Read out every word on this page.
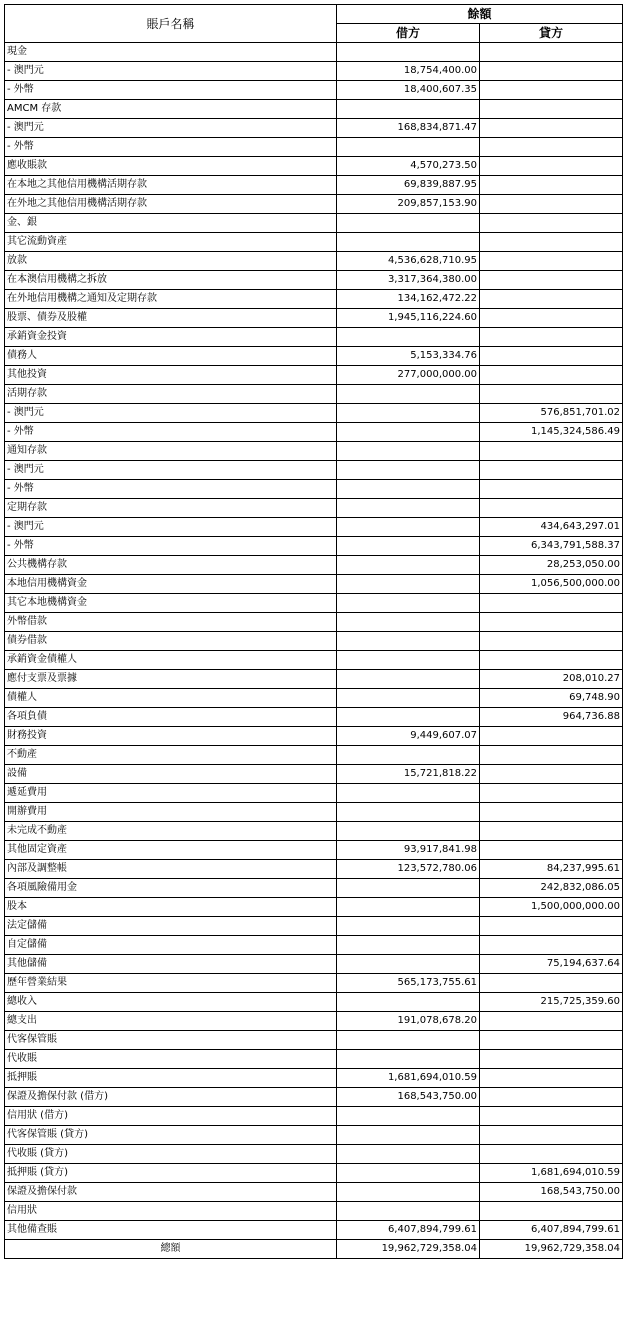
賬戶名稱	餘額	
	借方	貸方
現金		
- 澳門元	18,754,400.00	
- 外幣	18,400,607.35	
AMCM 存款		
- 澳門元	168,834,871.47	
- 外幣		
應收賬款	4,570,273.50	
在本地之其他信用機構活期存款	69,839,887.95	
在外地之其他信用機構活期存款	209,857,153.90	
金、銀		
其它流動資產		
放款	4,536,628,710.95	
在本澳信用機構之拆放	3,317,364,380.00	
在外地信用機構之通知及定期存款	134,162,472.22	
股票、債券及股權	1,945,116,224.60	
承銷資金投資		
債務人	5,153,334.76	
其他投資	277,000,000.00	
活期存款		
- 澳門元		576,851,701.02
- 外幣		1,145,324,586.49
通知存款		
- 澳門元		
- 外幣		
定期存款		
- 澳門元		434,643,297.01
- 外幣		6,343,791,588.37
公共機構存款		28,253,050.00
本地信用機構資金		1,056,500,000.00
其它本地機構資金		
外幣借款		
債券借款		
承銷資金債權人		
應付支票及票據		208,010.27
債權人		69,748.90
各項負債		964,736.88
財務投資	9,449,607.07	
不動產		
設備	15,721,818.22	
遞延費用		
開辦費用		
未完成不動產		
其他固定資產	93,917,841.98	
內部及調整帳	123,572,780.06	84,237,995.61
各項風險備用金		242,832,086.05
股本		1,500,000,000.00
法定儲備		
自定儲備		
其他儲備		75,194,637.64
歷年營業結果	565,173,755.61	
總收入		215,725,359.60
總支出	191,078,678.20	
代客保管賬		
代收賬		
抵押賬	1,681,694,010.59	
保證及擔保付款 (借方)	168,543,750.00	
信用狀 (借方)		
代客保管賬 (貸方)		
代收賬 (貸方)		
抵押賬 (貸方)		1,681,694,010.59
保證及擔保付款		168,543,750.00
信用狀		
其他備查賬	6,407,894,799.61	6,407,894,799.61
總額	19,962,729,358.04	19,962,729,358.04
